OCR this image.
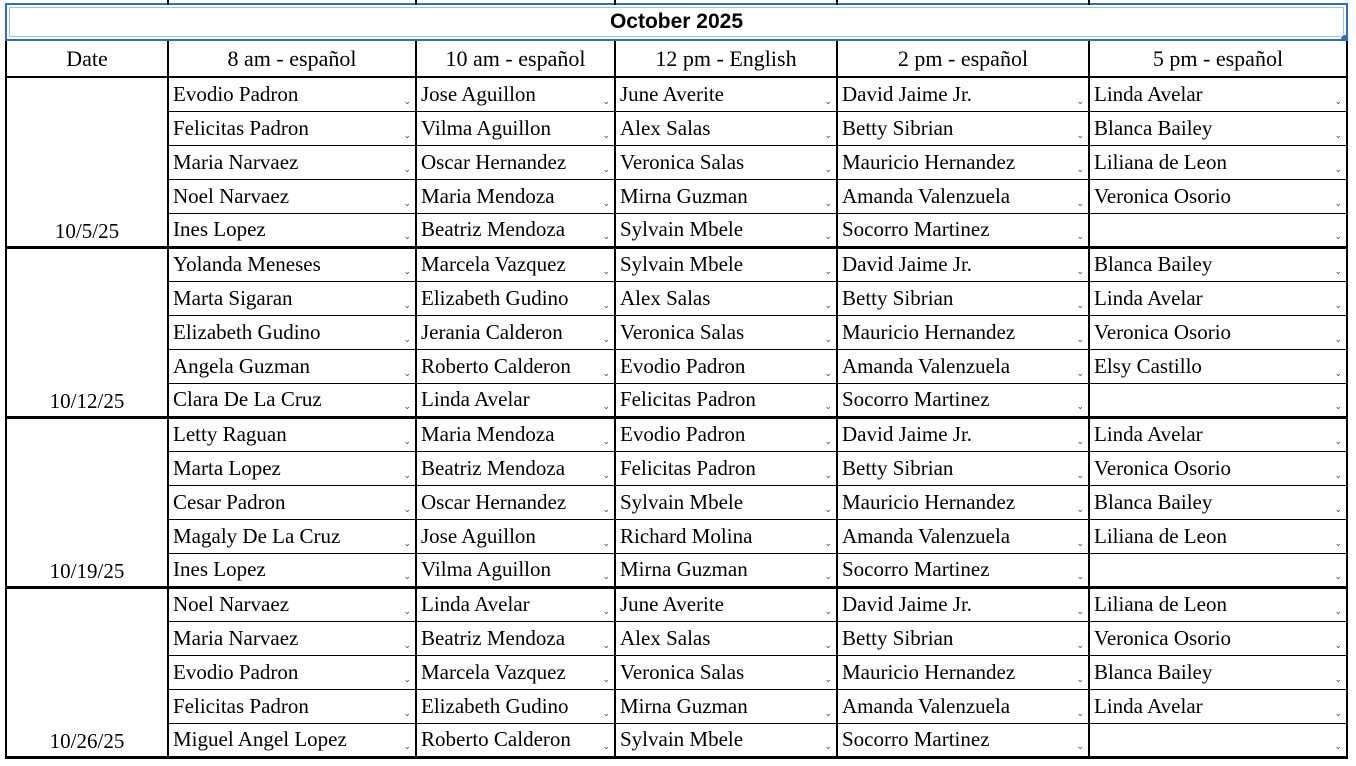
October 2025					

Date	8 am - español	10 am - español	12 pm - English	2 pm - español	5 pm - español

	Evodio Padron ⌄	Jose Aguillon ⌄	June Averite ⌄	David Jaime Jr. ⌄	Linda Avelar ⌄

	Felicitas Padron ⌄	Vilma Aguillon ⌄	Alex Salas ⌄	Betty Sibrian ⌄	Blanca Bailey ⌄

	Maria Narvaez ⌄	Oscar Hernandez ⌄	Veronica Salas ⌄	Mauricio Hernandez ⌄	Liliana de Leon ⌄

	Noel Narvaez ⌄	Maria Mendoza ⌄	Mirna Guzman ⌄	Amanda Valenzuela ⌄	Veronica Osorio ⌄

10/5/25	Ines Lopez ⌄	Beatriz Mendoza ⌄	Sylvain Mbele ⌄	Socorro Martinez ⌄	⌄

	Yolanda Meneses ⌄	Marcela Vazquez ⌄	Sylvain Mbele ⌄	David Jaime Jr. ⌄	Blanca Bailey ⌄

	Marta Sigaran ⌄	Elizabeth Gudino ⌄	Alex Salas ⌄	Betty Sibrian ⌄	Linda Avelar ⌄

	Elizabeth Gudino ⌄	Jerania Calderon ⌄	Veronica Salas ⌄	Mauricio Hernandez ⌄	Veronica Osorio ⌄

	Angela Guzman ⌄	Roberto Calderon ⌄	Evodio Padron ⌄	Amanda Valenzuela ⌄	Elsy Castillo ⌄

10/12/25	Clara De La Cruz ⌄	Linda Avelar ⌄	Felicitas Padron ⌄	Socorro Martinez ⌄	⌄

	Letty Raguan ⌄	Maria Mendoza ⌄	Evodio Padron ⌄	David Jaime Jr. ⌄	Linda Avelar ⌄

	Marta Lopez ⌄	Beatriz Mendoza ⌄	Felicitas Padron ⌄	Betty Sibrian ⌄	Veronica Osorio ⌄

	Cesar Padron ⌄	Oscar Hernandez ⌄	Sylvain Mbele ⌄	Mauricio Hernandez ⌄	Blanca Bailey ⌄

	Magaly De La Cruz ⌄	Jose Aguillon ⌄	Richard Molina ⌄	Amanda Valenzuela ⌄	Liliana de Leon ⌄

10/19/25	Ines Lopez ⌄	Vilma Aguillon ⌄	Mirna Guzman ⌄	Socorro Martinez ⌄	⌄

	Noel Narvaez ⌄	Linda Avelar ⌄	June Averite ⌄	David Jaime Jr. ⌄	Liliana de Leon ⌄

	Maria Narvaez ⌄	Beatriz Mendoza ⌄	Alex Salas ⌄	Betty Sibrian ⌄	Veronica Osorio ⌄

	Evodio Padron ⌄	Marcela Vazquez ⌄	Veronica Salas ⌄	Mauricio Hernandez ⌄	Blanca Bailey ⌄

	Felicitas Padron ⌄	Elizabeth Gudino ⌄	Mirna Guzman ⌄	Amanda Valenzuela ⌄	Linda Avelar ⌄

10/26/25	Miguel Angel Lopez ⌄	Roberto Calderon ⌄	Sylvain Mbele ⌄	Socorro Martinez ⌄	⌄
